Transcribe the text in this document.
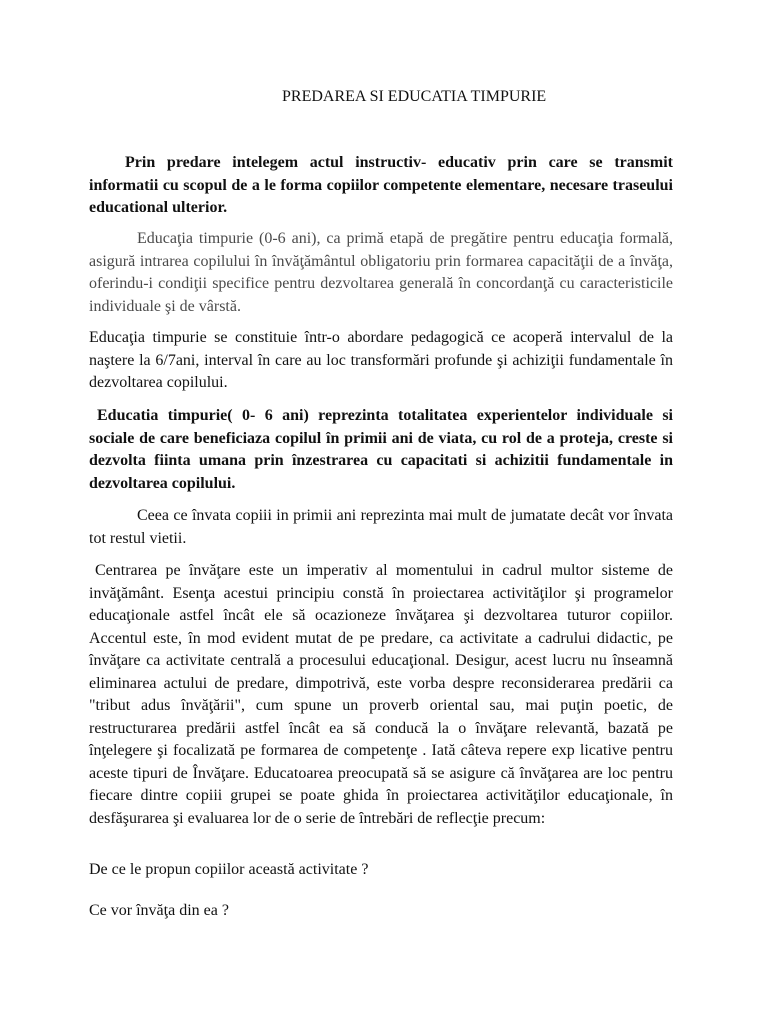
PREDAREA SI EDUCATIA TIMPURIE

Prin predare intelegem actul instructiv- educativ prin care se transmit informatii cu scopul de a le forma copiilor competente elementare, necesare traseului educational ulterior.

Educaţia timpurie (0-6 ani), ca primă etapă de pregătire pentru educaţia formală, asigură intrarea copilului în învăţământul obligatoriu prin formarea capacităţii de a învăţa, oferindu-i condiţii specifice pentru dezvoltarea generală în concordanţă cu caracteristicile individuale şi de vârstă.

Educaţia timpurie se constituie într-o abordare pedagogică ce acoperă intervalul de la naştere la 6/7ani, interval în care au loc transformări profunde şi achiziţii fundamentale în dezvoltarea copilului.

Educatia timpurie( 0- 6 ani) reprezinta totalitatea experientelor individuale si sociale de care beneficiaza copilul în primii ani de viata, cu rol de a proteja, creste si dezvolta fiinta umana prin înzestrarea cu capacitati si achizitii fundamentale in dezvoltarea copilului.

Ceea ce învata copiii in primii ani reprezinta mai mult de jumatate decât vor învata tot restul vietii.

Centrarea pe învăţare este un imperativ al momentului in cadrul multor sisteme de invăţământ. Esenţa acestui principiu constă în proiectarea activităţilor şi programelor educaţionale astfel încât ele să ocazioneze învăţarea şi dezvoltarea tuturor copiilor. Accentul este, în mod evident mutat de pe predare, ca activitate a cadrului didactic, pe învăţare ca activitate centrală a procesului educaţional. Desigur, acest lucru nu înseamnă eliminarea actului de predare, dimpotrivă, este vorba despre reconsiderarea predării ca "tribut adus învăţării", cum spune un proverb oriental sau, mai puţin poetic, de restructurarea predării astfel încât ea să conducă la o învăţare relevantă, bazată pe înţelegere şi focalizată pe formarea de competenţe . Iată câteva repere exp licative pentru aceste tipuri de Învăţare. Educatoarea preocupată să se asigure că învăţarea are loc pentru fiecare dintre copiii grupei se poate ghida în proiectarea activităţilor educaţionale, în desfăşurarea şi evaluarea lor de o serie de întrebări de reflecţie precum:

De ce le propun copiilor această activitate ?
Ce vor învăţa din ea ?
